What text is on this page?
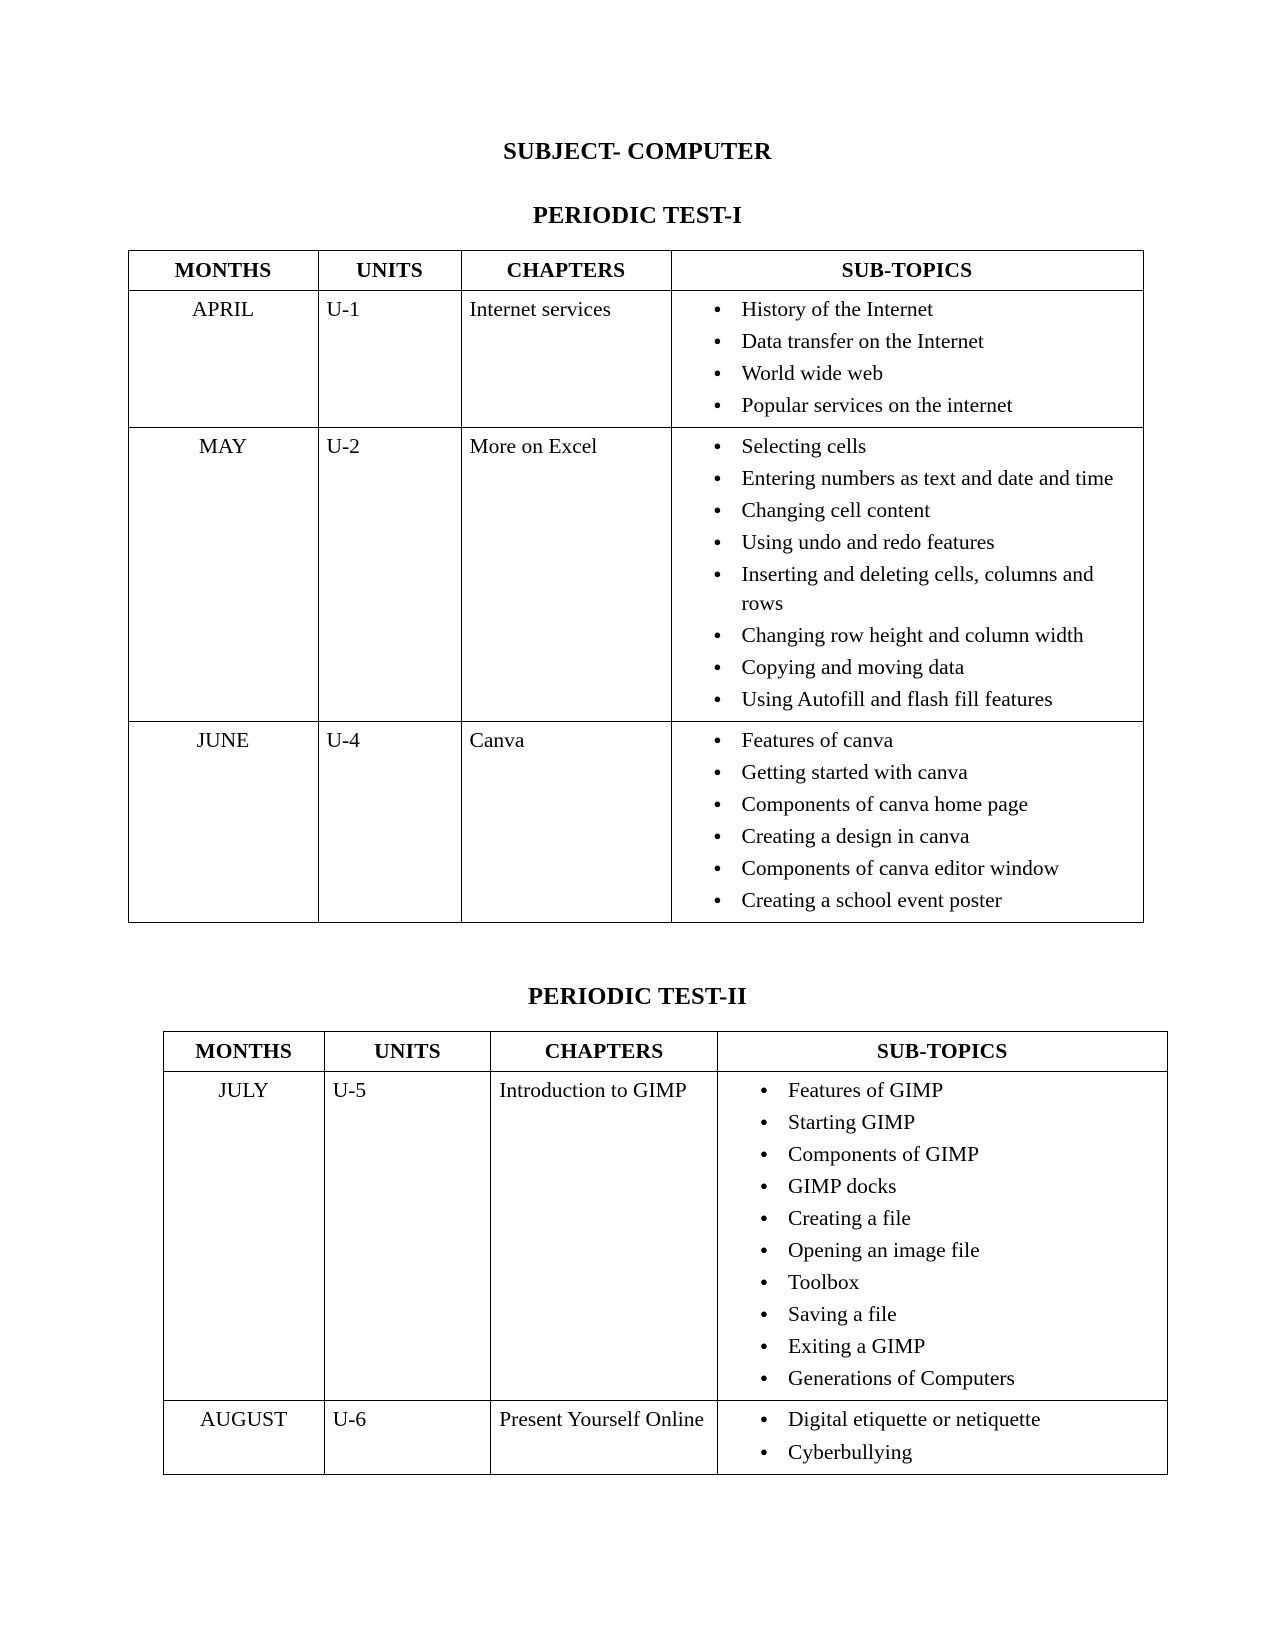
SUBJECT- COMPUTER
PERIODIC TEST-I
MONTHS	UNITS	CHAPTERS	SUB-TOPICS
APRIL	U-1	Internet services	
●History of the Internet
● Data transfer on the Internet
● World wide web
● Popular services on the internet

MAY	U-2	More on Excel	
●Selecting cells
● Entering numbers as text and date and time
● Changing cell content
● Using undo and redo features
● Inserting and deleting cells, columns and rows
● Changing row height and column width
● Copying and moving data
● Using Autofill and flash fill features

JUNE	U-4	Canva	
●Features of canva
● Getting started with canva
● Components of canva home page
● Creating a design in canva
● Components of canva editor window
● Creating a school event poster
PERIODIC TEST-II
MONTHS	UNITS	CHAPTERS	SUB-TOPICS
JULY	U-5	Introduction to GIMP	
●Features of GIMP
● Starting GIMP
● Components of GIMP
● GIMP docks
● Creating a file
● Opening an image file
● Toolbox
● Saving a file
● Exiting a GIMP
● Generations of Computers

AUGUST	U-6	Present Yourself Online	
●Digital etiquette or netiquette
● Cyberbullying
